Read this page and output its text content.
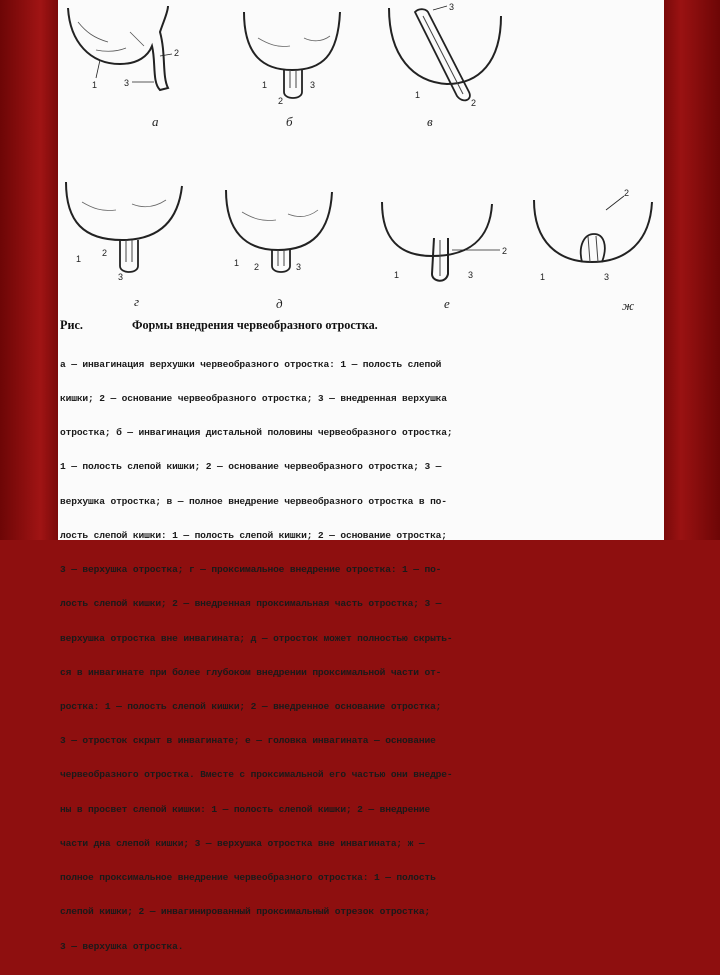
1
2
3
а
1
2
3
б
3
1
2
в
1
2
3
г
1 2	3
д
2
1	3
е
2
1	3
ж
Рис.	Формы внедрения червеобразного отростка.

а — инвагинация верхушки червеобразного отростка: 1 — полость слепой

кишки; 2 — основание червеобразного отростка; 3 — внедренная верхушка

отростка; б — инвагинация дистальной половины червеобразного отростка;

1 — полость слепой кишки; 2 — основание червеобразного отростка; 3 —

верхушка отростка; в — полное внедрение червеобразного отростка в по-

лость слепой кишки: 1 — полость слепой кишки; 2 — основание отростка;

3 — верхушка отростка; г — проксимальное внедрение отростка: 1 — по-

лость слепой кишки; 2 — внедренная проксимальная часть отростка; 3 —

верхушка отростка вне инвагината; д — отросток может полностью скрыть-

ся в инвагинате при более глубоком внедрении проксимальной части от-

ростка: 1 — полость слепой кишки; 2 — внедренное основание отростка;

3 — отросток скрыт в инвагинате; е — головка инвагината — основание

червеобразного отростка. Вместе с проксимальной его частью они внедре-

ны в просвет слепой кишки: 1 — полость слепой кишки; 2 — внедрение

части дна слепой кишки; 3 — верхушка отростка вне инвагината; ж —

полное проксимальное внедрение червеобразного отростка: 1 — полость

слепой кишки; 2 — инвагинированный проксимальный отрезок отростка;

3 — верхушка отростка.
